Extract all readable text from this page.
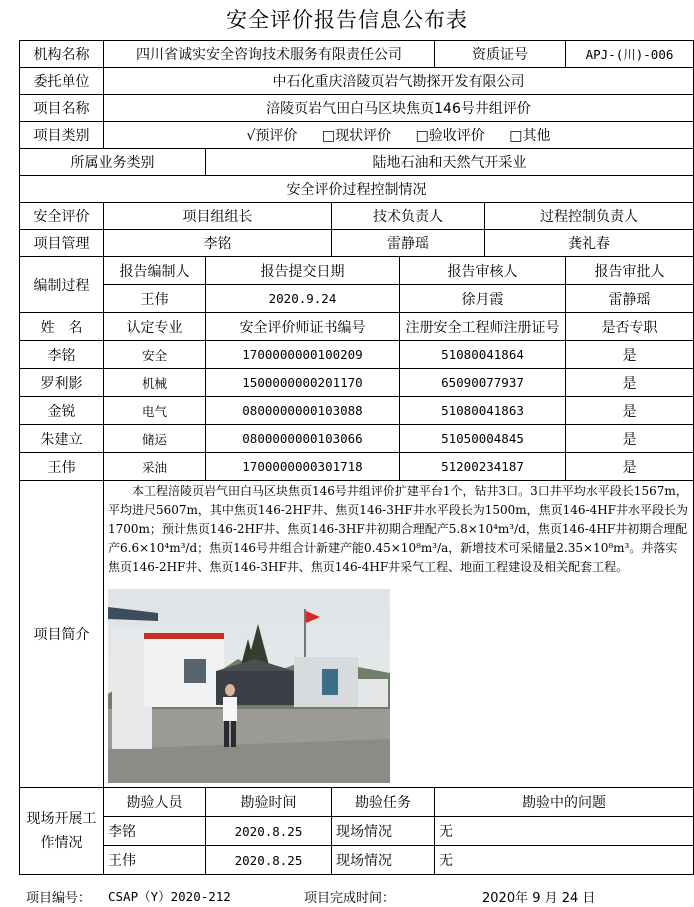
安全评价报告信息公布表
机构名称	四川省诚实安全咨询技术服务有限责任公司				资质证号		APJ-(川)-006
委托单位	中石化重庆涪陵页岩气勘探开发有限公司						
项目名称	涪陵页岩气田白马区块焦页146号井组评价						
项目类别	√预评价 □现状评价 □验收评价 □其他						
所属业务类别		陆地石油和天然气开采业					
安全评价过程控制情况							
安全评价	项目组组长		技术负责人			过程控制负责人	
项目管理	李铭		雷静瑶			龚礼春	
编制过程	报告编制人	报告提交日期		报告审核人			报告审批人
	王伟	2020.9.24		徐月霞			雷静瑶
姓　名	认定专业	安全评价师证书编号		注册安全工程师注册证号			是否专职
李铭	安全	1700000000100209		51080041864			是
罗利影	机械	1500000000201170		65090077937			是
金锐	电气	0800000000103088		51080041863			是
朱建立	储运	0800000000103066		51050004845			是
王伟	采油	1700000000301718		51200234187			是
项目简介	本工程涪陵页岩气田白马区块焦页146号井组评价扩建平台1个，钻井3口。3口井平均水平段长1567m，平均进尺5607m，其中焦页146-2HF井、焦页146-3HF井水平段长为1500m，焦页146-4HF井水平段长为1700m；预计焦页146-2HF井、焦页146-3HF井初期合理配产5.8×10⁴m³/d，焦页146-4HF井初期合理配产6.6×10⁴m³/d；焦页146号井组合计新建产能0.45×10⁸m³/a，新增技术可采储量2.35×10⁸m³。并落实焦页146-2HF井、焦页146-3HF井、焦页146-4HF井采气工程、地面工程建设及相关配套工程。						

现场开展工作情况	勘验人员	勘验时间	勘验任务		勘验中的问题		
	李铭	2020.8.25	现场情况		无		
	王伟	2020.8.25	现场情况		无		
项目编号： CSAP（Y）2020-212	项目完成时间：	2020年 9 月 24 日
